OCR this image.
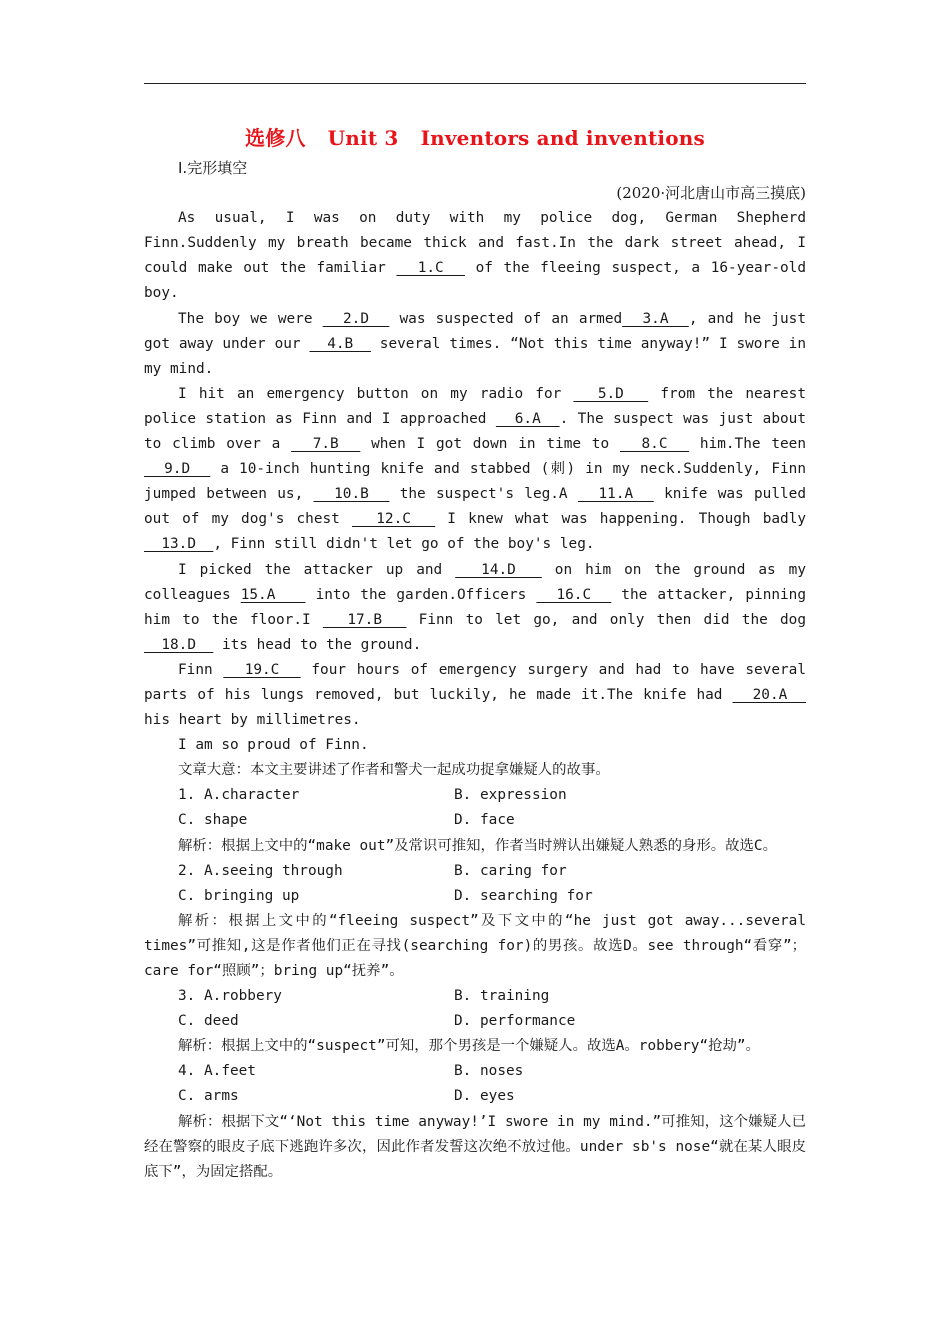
选修八 Unit 3 Inventors and inventions
Ⅰ.完形填空
(2020·河北唐山市高三摸底)

As usual, I was on duty with my police dog, German Shepherd Finn.Suddenly my breath became thick and fast.In the dark street ahead, I could make out the familiar   1.C   of the fleeing suspect, a 16-year-old boy.

The boy we were   2.D   was suspected of an armed  3.A  , and he just got away under our   4.B   several times. “Not this time anyway!” I swore in my mind.

I hit an emergency button on my radio for   5.D   from the nearest police station as Finn and I approached   6.A  . The suspect was just about to climb over a   7.B   when I got down in time to   8.C   him.The teen   9.D   a 10-inch hunting knife and stabbed (刺) in my neck.Suddenly, Finn jumped between us,   10.B   the suspect's leg.A   11.A   knife was pulled out of my dog's chest   12.C   I knew what was happening. Though badly   13.D  , Finn still didn't let go of the boy's leg.

I picked the attacker up and   14.D   on him on the ground as my colleagues 15.A    into the garden.Officers   16.C   the attacker, pinning him to the floor.I   17.B   Finn to let go, and only then did the dog   18.D   its head to the ground.

Finn   19.C   four hours of emergency surgery and had to have several parts of his lungs removed, but luckily, he made it.The knife had   20.A   his heart by millimetres.

I am so proud of Finn.

文章大意：本文主要讲述了作者和警犬一起成功捉拿嫌疑人的故事。

1. A.character	B. expression
C. shape	D. face

解析：根据上文中的“make out”及常识可推知，作者当时辨认出嫌疑人熟悉的身形。故选C。

2. A.seeing through	B. caring for
C. bringing up	D. searching for

解析：根据上文中的“fleeing suspect”及下文中的“he just got away...several times”可推知,这是作者他们正在寻找(searching for)的男孩。故选D。see through“看穿”；care for“照顾”；bring up“抚养”。

3. A.robbery	B. training
C. deed	D. performance

解析：根据上文中的“suspect”可知，那个男孩是一个嫌疑人。故选A。robbery“抢劫”。

4. A.feet	B. noses
C. arms	D. eyes

解析：根据下文“‘Not this time anyway!’I swore in my mind.”可推知，这个嫌疑人已经在警察的眼皮子底下逃跑许多次，因此作者发誓这次绝不放过他。under sb's nose“就在某人眼皮底下”，为固定搭配。
